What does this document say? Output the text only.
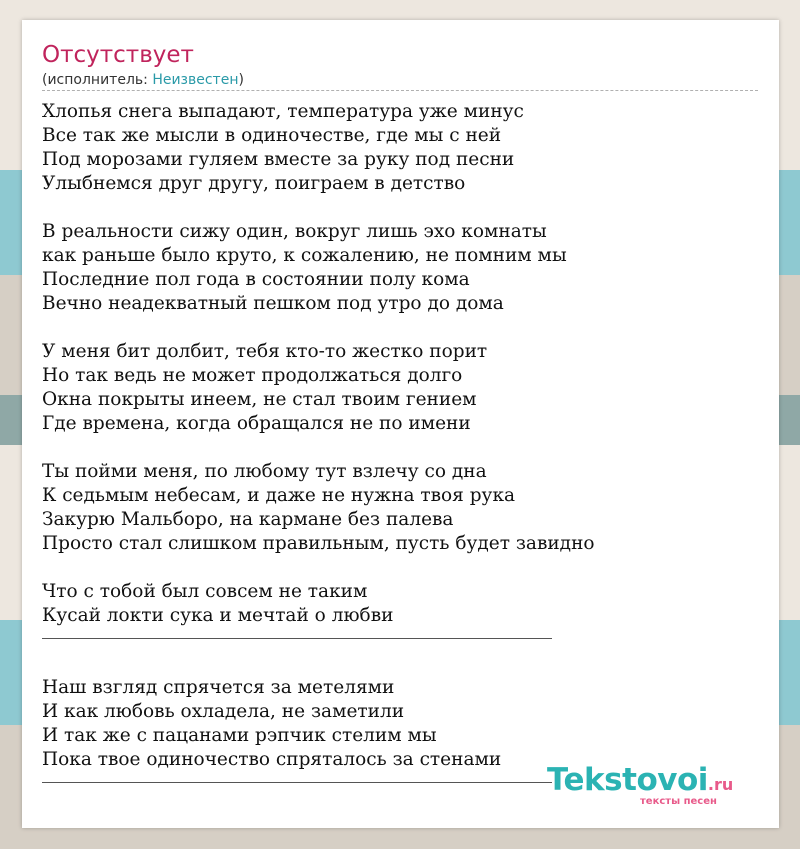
Отсутствует
(исполнитель: Неизвестен)
Хлопья снега выпадают, температура уже минус
Все так же мысли в одиночестве, где мы с ней
Под морозами гуляем вместе за руку под песни
Улыбнемся друг другу, поиграем в детство
В реальности сижу один, вокруг лишь эхо комнаты
как раньше было круто, к сожалению, не помним мы
Последние пол года в состоянии полу кома
Вечно неадекватный пешком под утро до дома
У меня бит долбит, тебя кто-то жестко порит
Но так ведь не может продолжаться долго
Окна покрыты инеем, не стал твоим гением
Где времена, когда обращался не по имени
Ты пойми меня, по любому тут взлечу со дна
К седьмым небесам, и даже не нужна твоя рука
Закурю Мальборо, на кармане без палева
Просто стал слишком правильным, пусть будет завидно
Что с тобой был совсем не таким
Кусай локти сука и мечтай о любви
Наш взгляд спрячется за метелями
И как любовь охладела, не заметили
И так же с пацанами рэпчик стелим мы
Пока твое одиночество спряталось за стенами
Tekstovoi.ru
тексты песен
